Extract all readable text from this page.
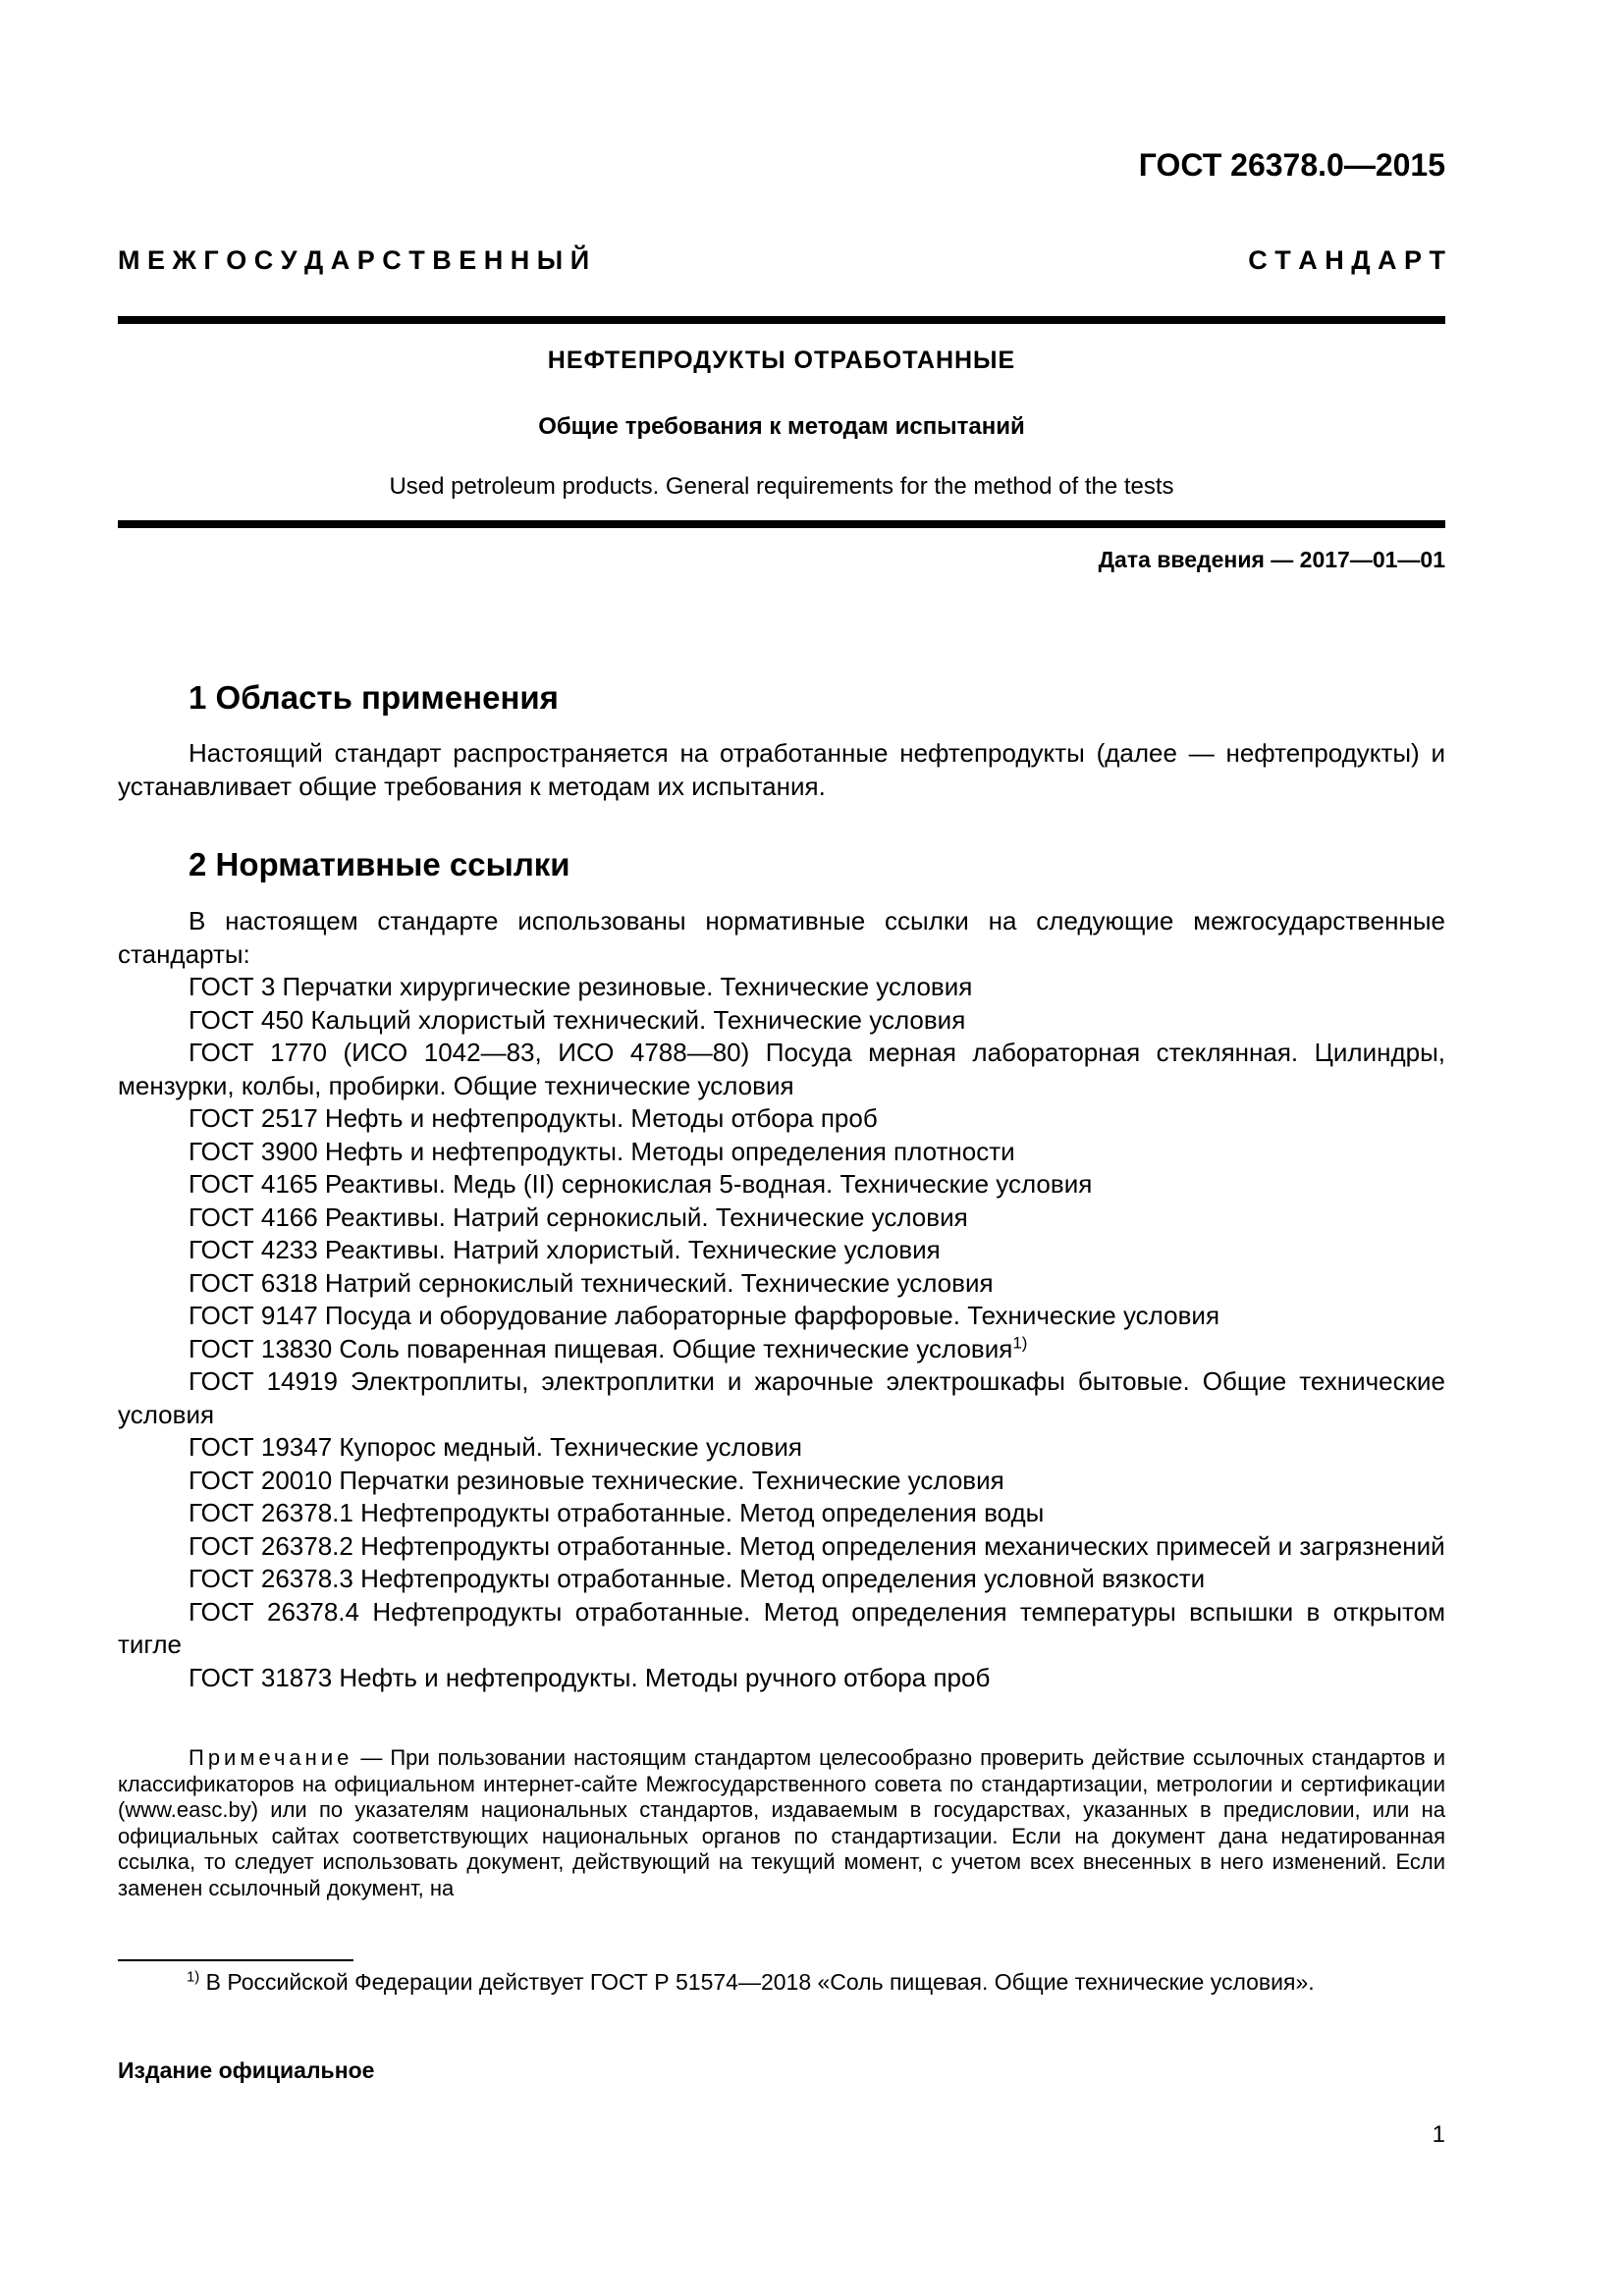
ГОСТ 26378.0—2015
М Е Ж Г О С У Д А Р С Т В Е Н Н Ы Й	С Т А Н Д А Р Т
НЕФТЕПРОДУКТЫ ОТРАБОТАННЫЕ
Общие требования к методам испытаний
Used petroleum products. General requirements for the method of the tests
Дата введения — 2017—01—01
1 Область применения

Настоящий стандарт распространяется на отработанные нефтепродукты (далее — нефтепродукты) и устанавливает общие требования к методам их испытания.

2 Нормативные ссылки

В настоящем стандарте использованы нормативные ссылки на следующие межгосударственные стандарты:

ГОСТ 3 Перчатки хирургические резиновые. Технические условия

ГОСТ 450 Кальций хлористый технический. Технические условия

ГОСТ 1770 (ИСО 1042—83, ИСО 4788—80) Посуда мерная лабораторная стеклянная. Цилиндры, мензурки, колбы, пробирки. Общие технические условия

ГОСТ 2517 Нефть и нефтепродукты. Методы отбора проб

ГОСТ 3900 Нефть и нефтепродукты. Методы определения плотности

ГОСТ 4165 Реактивы. Медь (II) сернокислая 5-водная. Технические условия

ГОСТ 4166 Реактивы. Натрий сернокислый. Технические условия

ГОСТ 4233 Реактивы. Натрий хлористый. Технические условия

ГОСТ 6318 Натрий сернокислый технический. Технические условия

ГОСТ 9147 Посуда и оборудование лабораторные фарфоровые. Технические условия

ГОСТ 13830 Соль поваренная пищевая. Общие технические условия$^{1)}$

ГОСТ 14919 Электроплиты, электроплитки и жарочные электрошкафы бытовые. Общие технические условия

ГОСТ 19347 Купорос медный. Технические условия

ГОСТ 20010 Перчатки резиновые технические. Технические условия

ГОСТ 26378.1 Нефтепродукты отработанные. Метод определения воды

ГОСТ 26378.2 Нефтепродукты отработанные. Метод определения механических примесей и загрязнений

ГОСТ 26378.3 Нефтепродукты отработанные. Метод определения условной вязкости

ГОСТ 26378.4 Нефтепродукты отработанные. Метод определения температуры вспышки в открытом тигле

ГОСТ 31873 Нефть и нефтепродукты. Методы ручного отбора проб

Примечание — При пользовании настоящим стандартом целесообразно проверить действие ссылочных стандартов и классификаторов на официальном интернет-сайте Межгосударственного совета по стандартизации, метрологии и сертификации (www.easc.by) или по указателям национальных стандартов, издаваемым в государствах, указанных в предисловии, или на официальных сайтах соответствующих национальных органов по стандартизации. Если на документ дана недатированная ссылка, то следует использовать документ, действующий на текущий момент, с учетом всех внесенных в него изменений. Если заменен ссылочный документ, на
$^{1)}$ В Российской Федерации действует ГОСТ Р 51574—2018 «Соль пищевая. Общие технические условия».
Издание официальное
1
